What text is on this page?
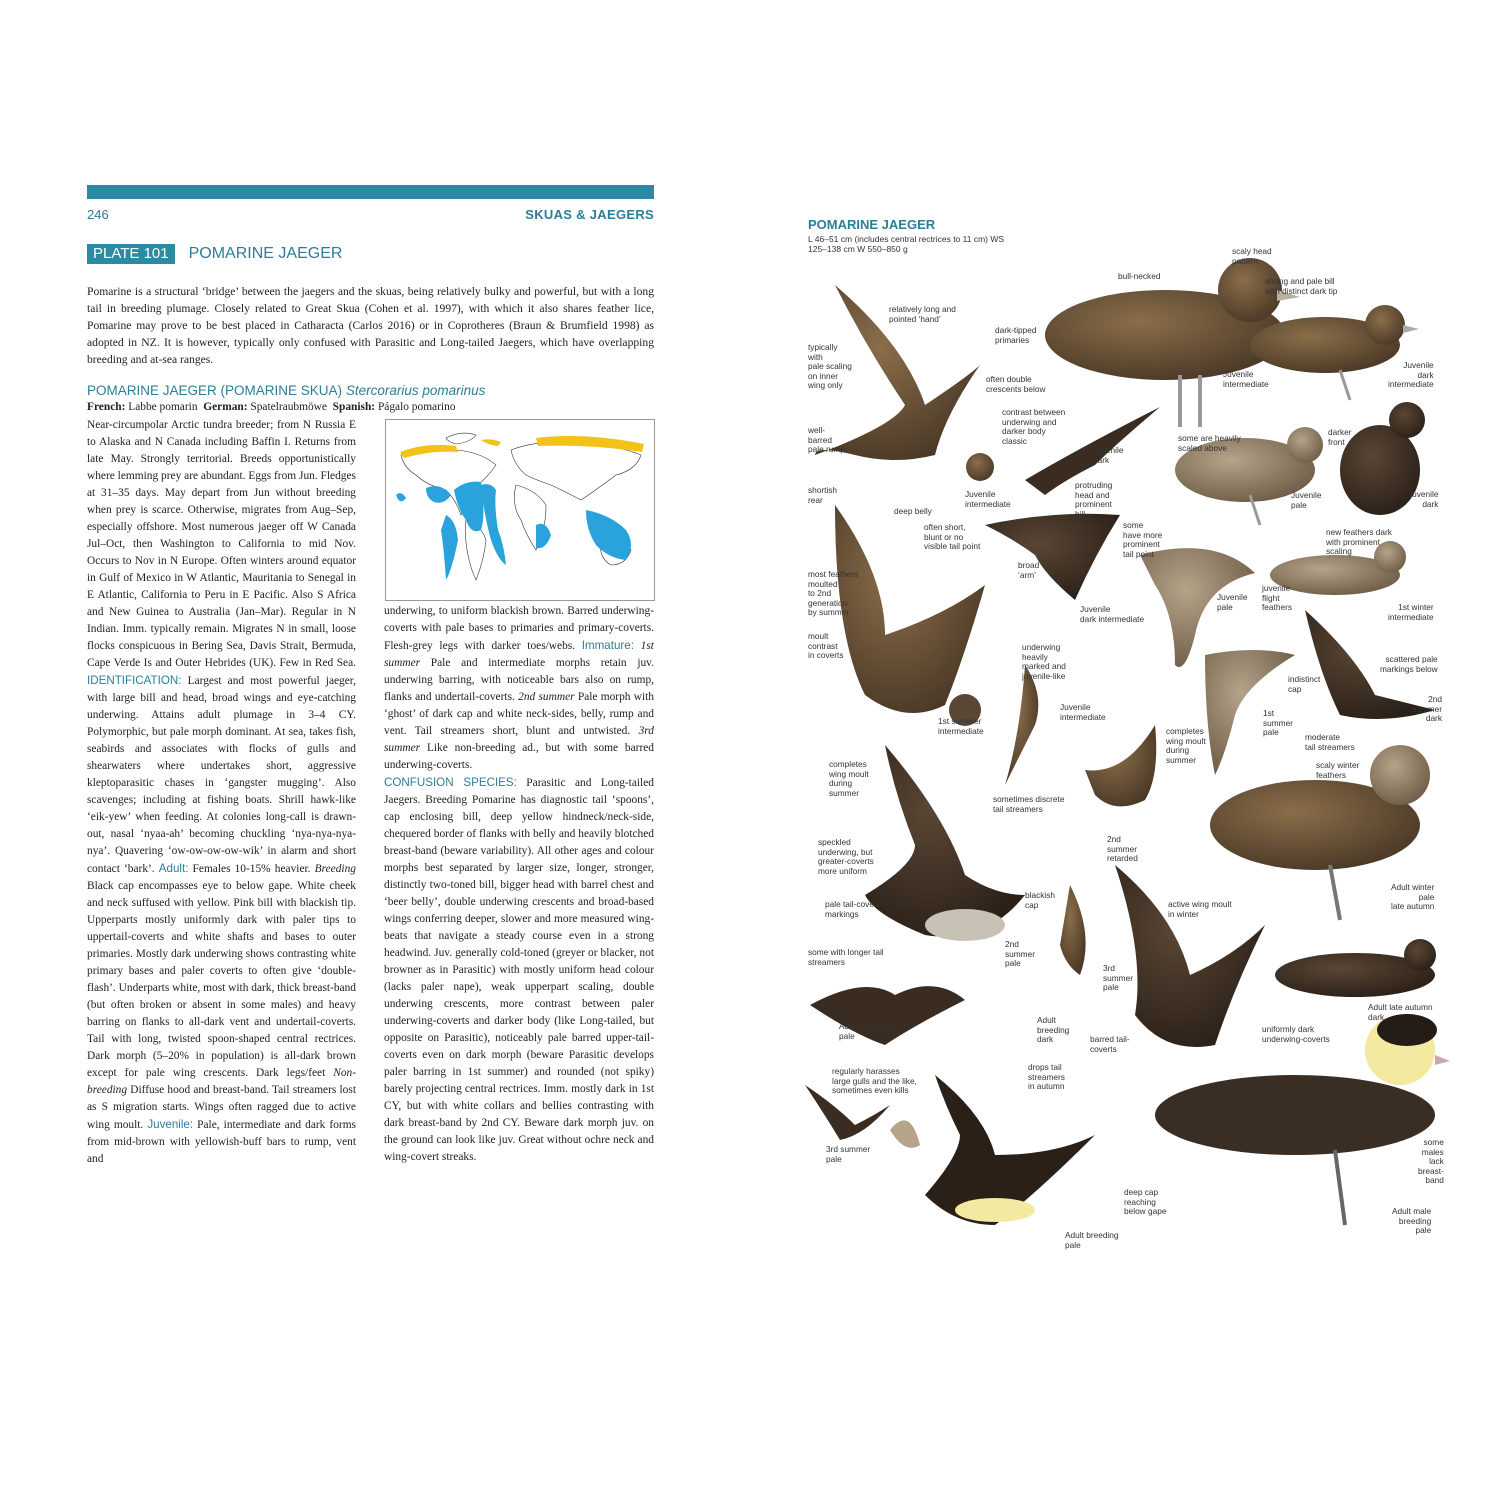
246	SKUAS & JAEGERS
PLATE 101	POMARINE JAEGER

Pomarine is a structural ‘bridge’ between the jaegers and the skuas, being relatively bulky and powerful, but with a long tail in breeding plumage. Closely related to Great Skua (Cohen et al. 1997), with which it also shares feather lice, Pomarine may prove to be best placed in Catharacta (Carlos 2016) or in Coprotheres (Braun & Brumfield 1998) as adopted in NZ. It is however, typically only confused with Parasitic and Long-tailed Jaegers, which have overlapping breeding and at-sea ranges.

POMARINE JAEGER (POMARINE SKUA) Stercorarius pomarinus
French: Labbe pomarin German: Spatelraubmöwe Spanish: Págalo pomarino
Near-circumpolar Arctic tundra breeder; from N Russia E to Alaska and N Canada including Baffin I. Returns from late May. Strongly territorial. Breeds opportunistically where lemming prey are abundant. Eggs from Jun. Fledges at 31–35 days. May depart from Jun without breeding when prey is scarce. Otherwise, migrates from Aug–Sep, especially offshore. Most numerous jaeger off W Canada Jul–Oct, then Washington to California to mid Nov. Occurs to Nov in N Europe. Often winters around equator in Gulf of Mexico in W Atlantic, Mauritania to Senegal in E Atlantic, California to Peru in E Pacific. Also S Africa and New Guinea to Australia (Jan–Mar). Regular in N Indian. Imm. typically remain. Migrates N in small, loose flocks conspicuous in Bering Sea, Davis Strait, Bermuda, Cape Verde Is and Outer Hebrides (UK). Few in Red Sea. IDENTIFICATION: Largest and most powerful jaeger, with large bill and head, broad wings and eye-catching underwing. Attains adult plumage in 3–4 CY. Polymorphic, but pale morph dominant. At sea, takes fish, seabirds and associates with flocks of gulls and shearwaters where undertakes short, aggressive kleptoparasitic chases in ‘gangster mugging’. Also scavenges; including at fishing boats. Shrill hawk-like ‘eik-yew’ when feeding. At colonies long-call is drawn-out, nasal ‘nyaa-ah’ becoming chuckling ‘nya-nya-nya-nya’. Quavering ‘ow-ow-ow-ow-wik’ in alarm and short contact ‘bark’. Adult: Females 10-15% heavier. Breeding Black cap encompasses eye to below gape. White cheek and neck suffused with yellow. Pink bill with blackish tip. Upperparts mostly uniformly dark with paler tips to uppertail-coverts and white shafts and bases to outer primaries. Mostly dark underwing shows contrasting white primary bases and paler coverts to often give ‘double-flash’. Underparts white, most with dark, thick breast-band (but often broken or absent in some males) and heavy barring on flanks to all-dark vent and undertail-coverts. Tail with long, twisted spoon-shaped central rectrices. Dark morph (5–20% in population) is all-dark brown except for pale wing crescents. Dark legs/feet Non-breeding Diffuse hood and breast-band. Tail streamers lost as S migration starts. Wings often ragged due to active wing moult. Juvenile: Pale, intermediate and dark forms from mid-brown with yellowish-buff bars to rump, vent and
underwing, to uniform blackish brown. Barred underwing-coverts with pale bases to primaries and primary-coverts. Flesh-grey legs with darker toes/webs. Immature: 1st summer Pale and intermediate morphs retain juv. underwing barring, with noticeable bars also on rump, flanks and undertail-coverts. 2nd summer Pale morph with ‘ghost’ of dark cap and white neck-sides, belly, rump and vent. Tail streamers short, blunt and untwisted. 3rd summer Like non-breeding ad., but with some barred underwing-coverts.
CONFUSION SPECIES: Parasitic and Long-tailed Jaegers. Breeding Pomarine has diagnostic tail ‘spoons’, cap enclosing bill, deep yellow hindneck/neck-side, chequered border of flanks with belly and heavily blotched breast-band (beware variability). All other ages and colour morphs best separated by larger size, longer, stronger, distinctly two-toned bill, bigger head with barrel chest and ‘beer belly’, double underwing crescents and broad-based wings conferring deeper, slower and more measured wing-beats that navigate a steady course even in a strong headwind. Juv. generally cold-toned (greyer or blacker, not browner as in Parasitic) with mostly uniform head colour (lacks paler nape), weak upperpart scaling, double underwing crescents, more contrast between paler underwing-coverts and darker body (like Long-tailed, but opposite on Parasitic), noticeably pale barred upper-tail-coverts even on dark morph (beware Parasitic develops paler barring in 1st summer) and rounded (not spiky) barely projecting central rectrices. Imm. mostly dark in 1st CY, but with white collars and bellies contrasting with dark breast-band by 2nd CY. Beware dark morph juv. on the ground can look like juv. Great without ochre neck and wing-covert streaks.
POMARINE JAEGER
L 46–51 cm (includes central rectrices to 11 cm) WS 125–138 cm W 550–850 g	scaly head
pattern
bull-necked	strong and pale bill
with distinct dark tip
relatively long and
pointed ‘hand’
dark-tipped
primaries
typically
with
pale scaling
on inner
wing only
often double
crescents below
Juvenile
intermediate
Juvenile
dark
intermediate
contrast between
underwing and
darker body
classic
well-
barred
pale rump	Juvenile
dark
some are heavily
scaled above
darker
front
shortish
rear
Juvenile
intermediate
protruding
head and
prominent
bill
deep belly
Juvenile
pale
Juvenile
dark
often short,
blunt or no
visible tail point
some
have more
prominent
tail point
new feathers dark
with prominent
scaling
most feathers
moulted
to 2nd
generation
by summer
broad
‘arm’
Juvenile
pale
juvenile
flight
feathers
Juvenile
dark intermediate
1st winter
intermediate
moult
contrast
in coverts
underwing
heavily
marked and
juvenile-like
scattered pale
markings below
indistinct
cap
2nd
summer
dark
Juvenile
intermediate	1st
summer
pale	moderate
tail streamers
1st summer
intermediate	completes
wing moult
during
summer
scaly winter
feathers
completes
wing moult
during
summer
sometimes discrete
tail streamers
2nd
summer
retarded
speckled
underwing, but
greater-coverts
more uniform
blackish
cap
Adult winter
pale
late autumn
pale tail-covert
markings
active wing moult
in winter
2nd
summer
pale
some with longer tail
streamers
3rd
summer
pale
Adult late autumn
dark
Adult
breeding
dark
Adult breeding
pale	barred tail-
coverts
uniformly dark
underwing-coverts
regularly harasses
large gulls and the like,
sometimes even kills
drops tail
streamers
in autumn	Adult winter
pale
some
males
lack
breast-
band
3rd summer
pale
deep cap
reaching
below gape
Adult breeding
pale
Adult male
breeding
pale
